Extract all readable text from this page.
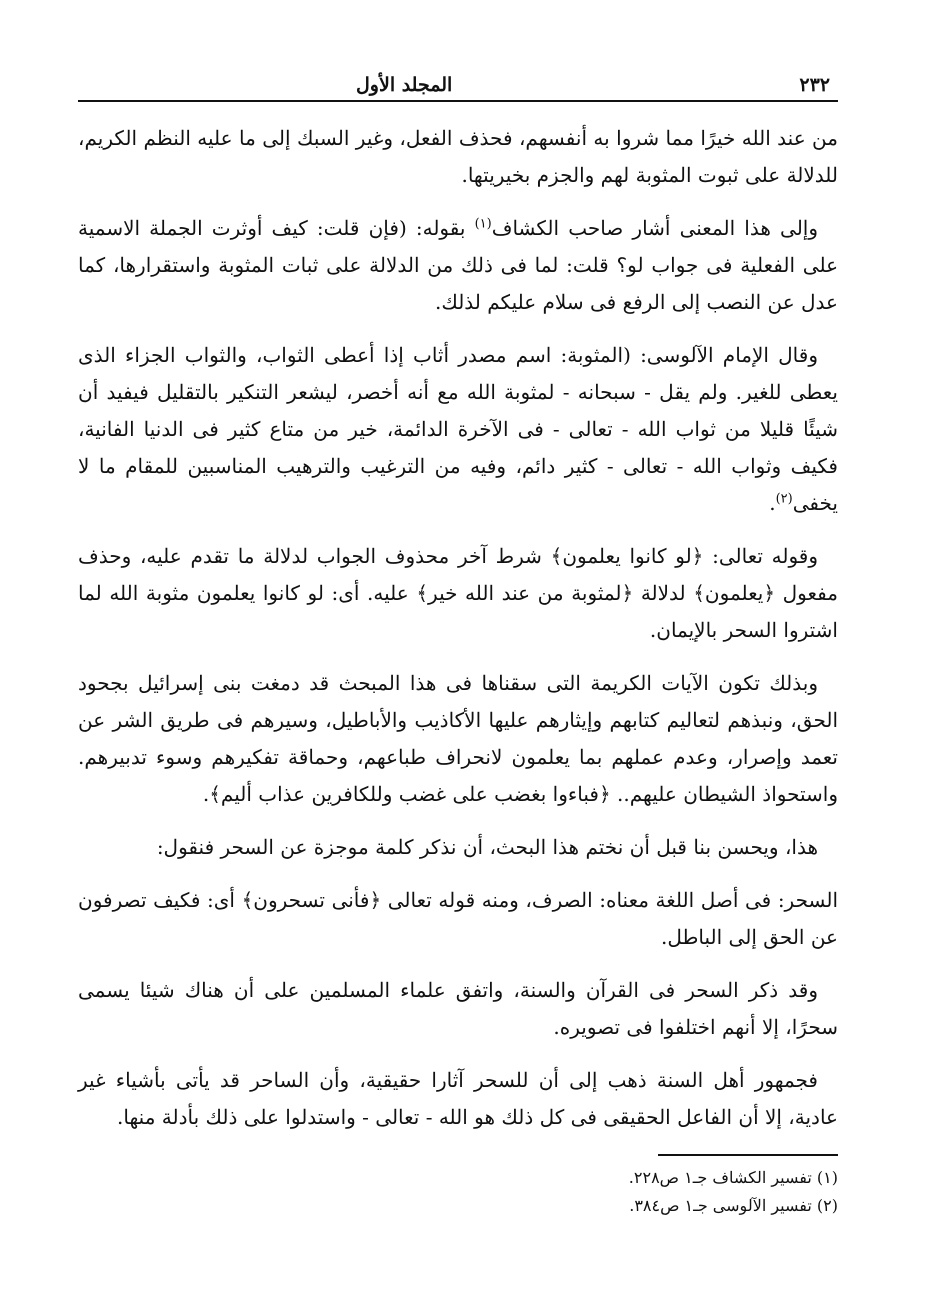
٢٣٢
المجلد الأول

من عند الله خيرًا مما شروا به أنفسهم، فحذف الفعل، وغير السبك إلى ما عليه النظم الكريم، للدلالة على ثبوت المثوبة لهم والجزم بخيريتها.

وإلى هذا المعنى أشار صاحب الكشاف$^{(١)}$ بقوله: (فإن قلت: كيف أوثرت الجملة الاسمية على الفعلية فى جواب لو؟ قلت: لما فى ذلك من الدلالة على ثبات المثوبة واستقرارها، كما عدل عن النصب إلى الرفع فى سلام عليكم لذلك.

وقال الإمام الآلوسى: (المثوبة: اسم مصدر أثاب إذا أعطى الثواب، والثواب الجزاء الذى يعطى للغير. ولم يقل - سبحانه - لمثوبة الله مع أنه أخصر، ليشعر التنكير بالتقليل فيفيد أن شيئًا قليلا من ثواب الله - تعالى - فى الآخرة الدائمة، خير من متاع كثير فى الدنيا الفانية، فكيف وثواب الله - تعالى - كثير دائم، وفيه من الترغيب والترهيب المناسبين للمقام ما لا يخفى$^{(٢)}$.

وقوله تعالى: ﴿لو كانوا يعلمون﴾ شرط آخر محذوف الجواب لدلالة ما تقدم عليه، وحذف مفعول ﴿يعلمون﴾ لدلالة ﴿لمثوبة من عند الله خير﴾ عليه. أى: لو كانوا يعلمون مثوبة الله لما اشتروا السحر بالإيمان.

وبذلك تكون الآيات الكريمة التى سقناها فى هذا المبحث قد دمغت بنى إسرائيل بجحود الحق، ونبذهم لتعاليم كتابهم وإيثارهم عليها الأكاذيب والأباطيل، وسيرهم فى طريق الشر عن تعمد وإصرار، وعدم عملهم بما يعلمون لانحراف طباعهم، وحماقة تفكيرهم وسوء تدبيرهم. واستحواذ الشيطان عليهم.. ﴿فباءوا بغضب على غضب وللكافرين عذاب أليم﴾.

هذا، ويحسن بنا قبل أن نختم هذا البحث، أن نذكر كلمة موجزة عن السحر فنقول:

السحر: فى أصل اللغة معناه: الصرف، ومنه قوله تعالى ﴿فأنى تسحرون﴾ أى: فكيف تصرفون عن الحق إلى الباطل.

وقد ذكر السحر فى القرآن والسنة، واتفق علماء المسلمين على أن هناك شيئا يسمى سحرًا، إلا أنهم اختلفوا فى تصويره.

فجمهور أهل السنة ذهب إلى أن للسحر آثارا حقيقية، وأن الساحر قد يأتى بأشياء غير عادية، إلا أن الفاعل الحقيقى فى كل ذلك هو الله - تعالى - واستدلوا على ذلك بأدلة منها.

(١) تفسير الكشاف جـ١ ص٢٢٨.

(٢) تفسير الآلوسى جـ١ ص٣٨٤.
